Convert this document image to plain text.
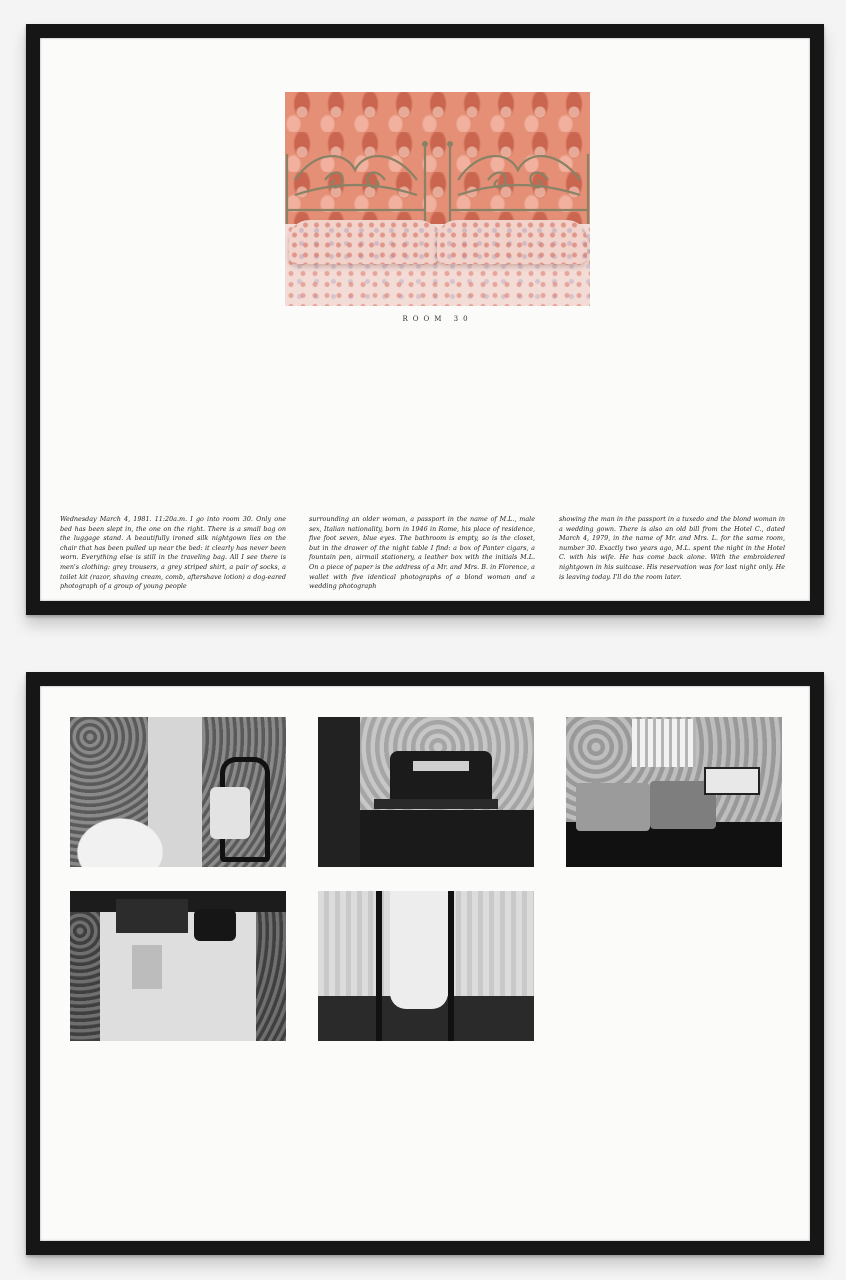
ROOM 30

Wednesday March 4, 1981. 11:20a.m. I go into room 30. Only one bed has been slept in, the one on the right. There is a small bag on the luggage stand. A beautifully ironed silk nightgown lies on the chair that has been pulled up near the bed: it clearly has never been worn. Everything else is still in the traveling bag. All I see there is men's clothing: grey trousers, a grey striped shirt, a pair of socks, a toilet kit (razor, shaving cream, comb, aftershave lotion) a dog-eared photograph of a group of young people

surrounding an older woman, a passport in the name of M.L., male sex, Italian nationality, born in 1946 in Rome, his place of residence, five foot seven, blue eyes. The bathroom is empty, so is the closet, but in the drawer of the night table I find: a box of Panter cigars, a fountain pen, airmail stationery, a leather box with the initials M.L. On a piece of paper is the address of a Mr. and Mrs. B. in Florence, a wallet with five identical photographs of a blond woman and a wedding photograph

showing the man in the passport in a tuxedo and the blond woman in a wedding gown. There is also an old bill from the Hotel C., dated March 4, 1979, in the name of Mr. and Mrs. L. for the same room, number 30. Exactly two years ago, M.L. spent the night in the Hotel C. with his wife. He has come back alone. With the embroidered nightgown in his suitcase. His reservation was for last night only. He is leaving today. I'll do the room later.
